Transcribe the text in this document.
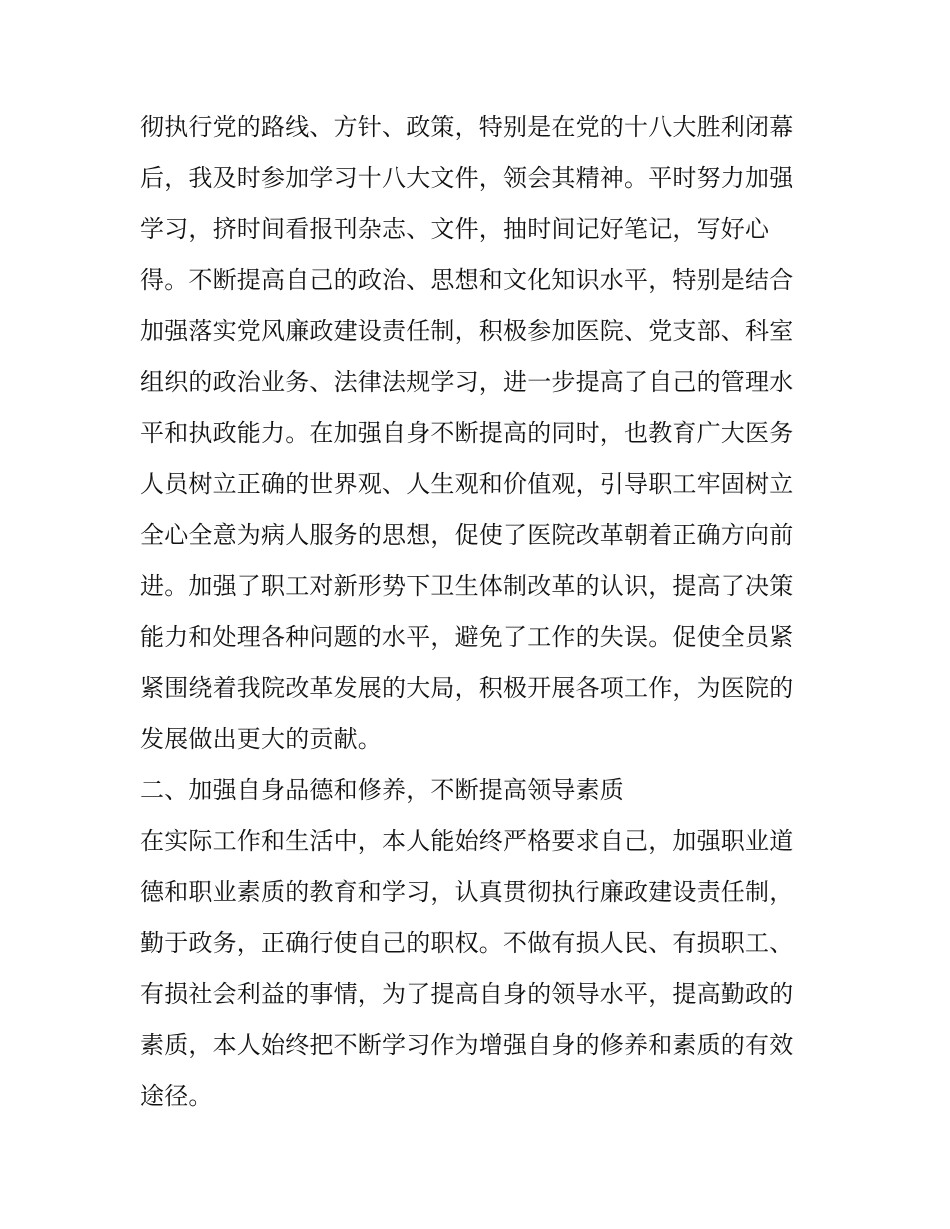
彻执行党的路线、方针、政策，特别是在党的十八大胜利闭幕
后，我及时参加学习十八大文件，领会其精神。平时努力加强
学习，挤时间看报刊杂志、文件，抽时间记好笔记，写好心
得。不断提高自己的政治、思想和文化知识水平，特别是结合
加强落实党风廉政建设责任制，积极参加医院、党支部、科室
组织的政治业务、法律法规学习，进一步提高了自己的管理水
平和执政能力。在加强自身不断提高的同时，也教育广大医务
人员树立正确的世界观、人生观和价值观，引导职工牢固树立
全心全意为病人服务的思想，促使了医院改革朝着正确方向前
进。加强了职工对新形势下卫生体制改革的认识，提高了决策
能力和处理各种问题的水平，避免了工作的失误。促使全员紧
紧围绕着我院改革发展的大局，积极开展各项工作，为医院的
发展做出更大的贡献。
二、加强自身品德和修养，不断提高领导素质
在实际工作和生活中，本人能始终严格要求自己，加强职业道
德和职业素质的教育和学习，认真贯彻执行廉政建设责任制，
勤于政务，正确行使自己的职权。不做有损人民、有损职工、
有损社会利益的事情，为了提高自身的领导水平，提高勤政的
素质，本人始终把不断学习作为增强自身的修养和素质的有效
途径。
